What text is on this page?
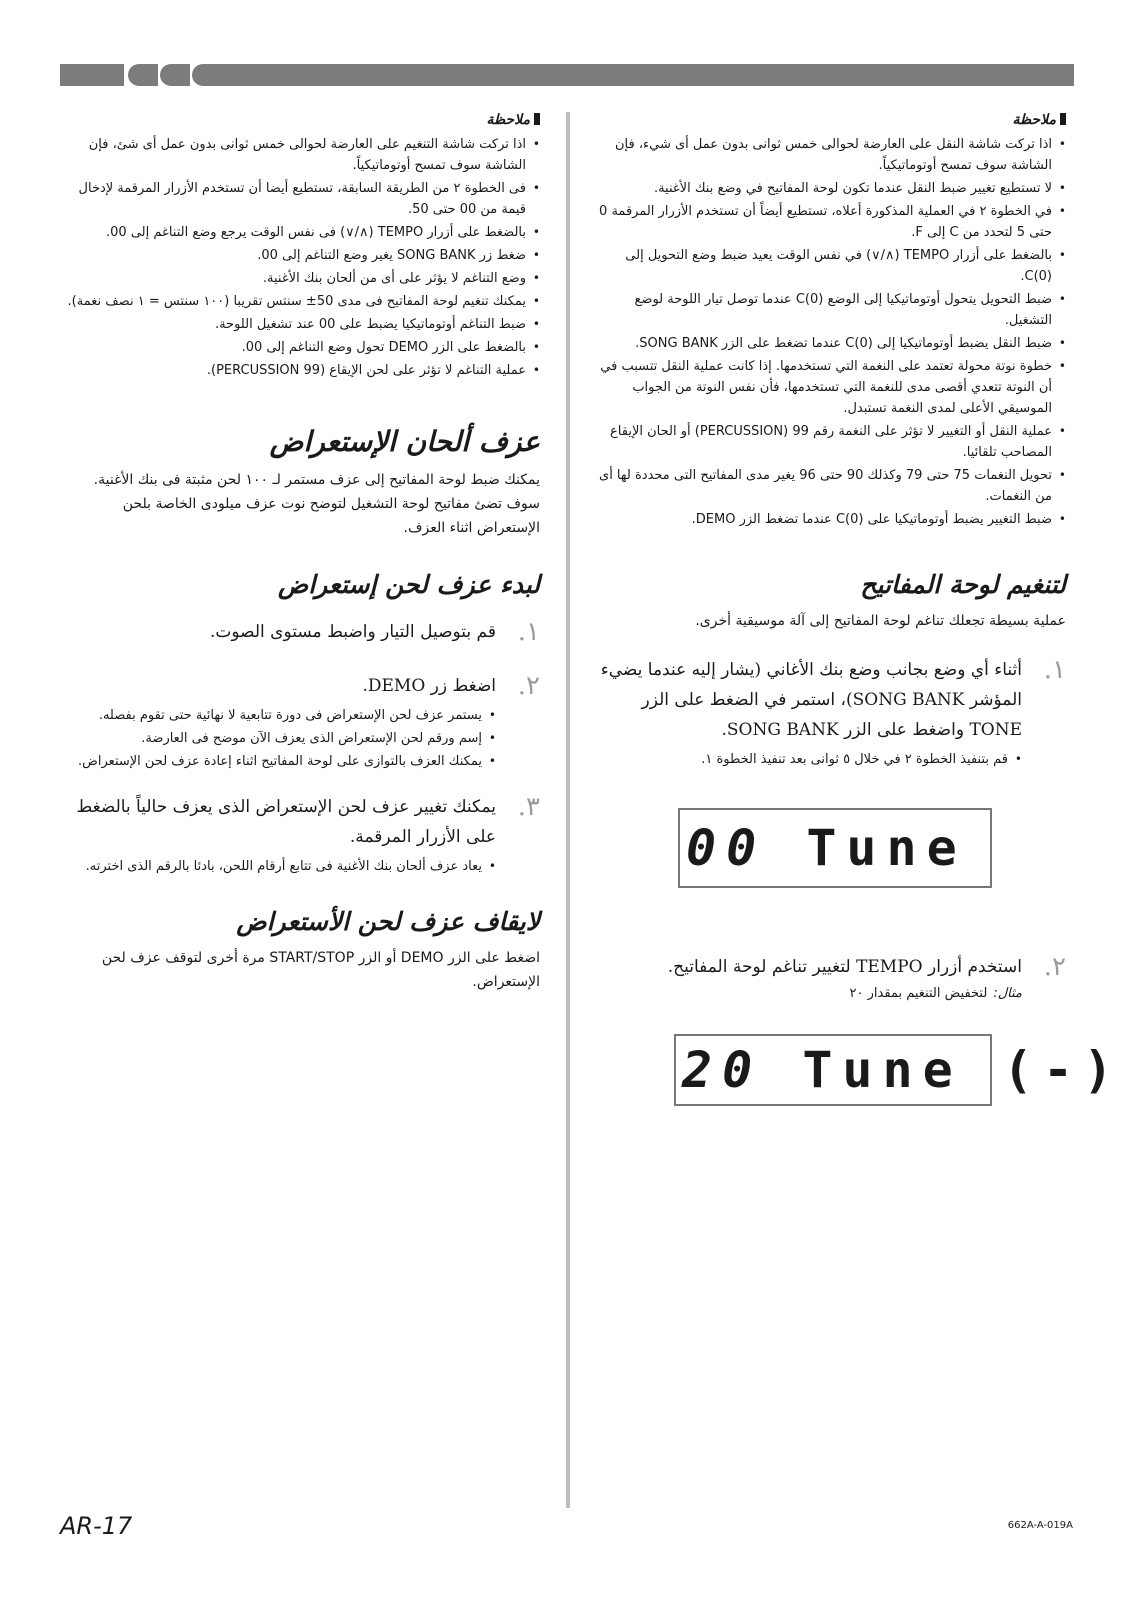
ملاحظة
• اذا تركت شاشة النقل على العارضة لحوالى خمس ثوانى بدون عمل أى شيء، فإن الشاشة سوف تمسح أوتوماتيكياً.
• لا تستطيع تغيير ضبط النقل عندما تكون لوحة المفاتيح في وضع بنك الأغنية.
• في الخطوة ٢ في العملية المذكورة أعلاه، تستطيع أيضاً أن تستخدم الأزرار المرقمة 0 حتى 5 لتحدد من C إلى F.
• بالضغط على أزرار TEMPO (∧/∨) في نفس الوقت يعيد ضبط وضع التحويل إلى C(0).
• ضبط التحويل يتحول أوتوماتيكيا إلى الوضع C(0) عندما توصل تيار اللوحة لوضع التشغيل.
• ضبط النقل يضبط أوتوماتيكيا إلى C(0) عندما تضغط على الزر SONG BANK.
• خطوة نوتة محولة تعتمد على النغمة التي تستخدمها. إذا كانت عملية النقل تتسبب في أن النوتة تتعدي أقصى مدى للنغمة التي تستخدمها، فأن نفس النوتة من الجواب الموسيقي الأعلى لمدى النغمة تستبدل.
• عملية النقل أو التغيير لا تؤثر على النغمة رقم 99 (PERCUSSION) أو الحان الإيقاع المصاحب تلقائيا.
• تحويل النغمات 75 حتى 79 وكذلك 90 حتى 96 يغير مدى المفاتيح التى محددة لها أى من النغمات.
• ضبط التغيير يضبط أوتوماتيكيا على C(0) عندما تضغط الزر DEMO.
لتنغيم لوحة المفاتيح

عملية بسيطة تجعلك تناغم لوحة المفاتيح إلى آلة موسيقية أخرى.

١.
أثناء أي وضع بجانب وضع بنك الأغاني (يشار إليه عندما يضيء المؤشر SONG BANK)، استمر في الضغط على الزر TONE واضغط على الزر SONG BANK.
• قم بتنفيذ الخطوة ٢ في خلال ٥ ثوانى بعد تنفيذ الخطوة ١.
00 Tune
٢.
استخدم أزرار TEMPO لتغيير تناغم لوحة المفاتيح.
مثال:لتخفيض التنغيم بمقدار ٢٠
20 Tune (-)
ملاحظة
• اذا تركت شاشة التنغيم على العارضة لحوالى خمس ثوانى بدون عمل أى شئ، فإن الشاشة سوف تمسح أوتوماتيكياً.
• فى الخطوة ٢ من الطريقة السابقة، تستطيع أيضا أن تستخدم الأزرار المرقمة لإدخال قيمة من 00 حتى 50.
• بالضغط على أزرار TEMPO (∧/∨) فى نفس الوقت يرجع وضع التناغم إلى 00.
• ضغط زر SONG BANK يغير وضع التناغم إلى 00.
• وضع التناغم لا يؤثر على أى من ألحان بنك الأغنية.
• يمكنك تنغيم لوحة المفاتيح فى مدى 50± سنتس تقريبا (١٠٠ سنتس = ١ نصف نغمة).
• ضبط التناغم أوتوماتيكيا يضبط على 00 عند تشغيل اللوحة.
• بالضغط على الزر DEMO تحول وضع التناغم إلى 00.
• عملية التناغم لا تؤثر على لحن الإيقاع (99 PERCUSSION).
عزف ألحان الإستعراض

يمكنك ضبط لوحة المفاتيح إلى عزف مستمر لـ ١٠٠ لحن مثبتة فى بنك الأغنية. سوف تضئ مفاتيح لوحة التشغيل لتوضح نوت عزف ميلودى الخاصة بلحن الإستعراض اثناء العزف.

لبدء عزف لحن إستعراض
١.
قم بتوصيل التيار واضبط مستوى الصوت.
٢.
اضغط زر DEMO.
• يستمر عزف لحن الإستعراض فى دورة تتابعية لا نهائية حتى تقوم بفصله.
• إسم ورقم لحن الإستعراض الذى يعزف الآن موضح فى العارضة.
• يمكنك العزف بالتوازى على لوحة المفاتيح اثناء إعادة عزف لحن الإستعراض.
٣.
يمكنك تغيير عزف لحن الإستعراض الذى يعزف حالياً بالضغط على الأزرار المرقمة.
• يعاد عزف ألحان بنك الأغنية فى تتابع أرقام اللحن، بادئا بالرقم الذى اخترته.
لايقاف عزف لحن الأستعراض

اضغط على الزر DEMO أو الزر START/STOP مرة أخرى لتوقف عزف لحن الإستعراض.

AR-17	662A-A-019A
